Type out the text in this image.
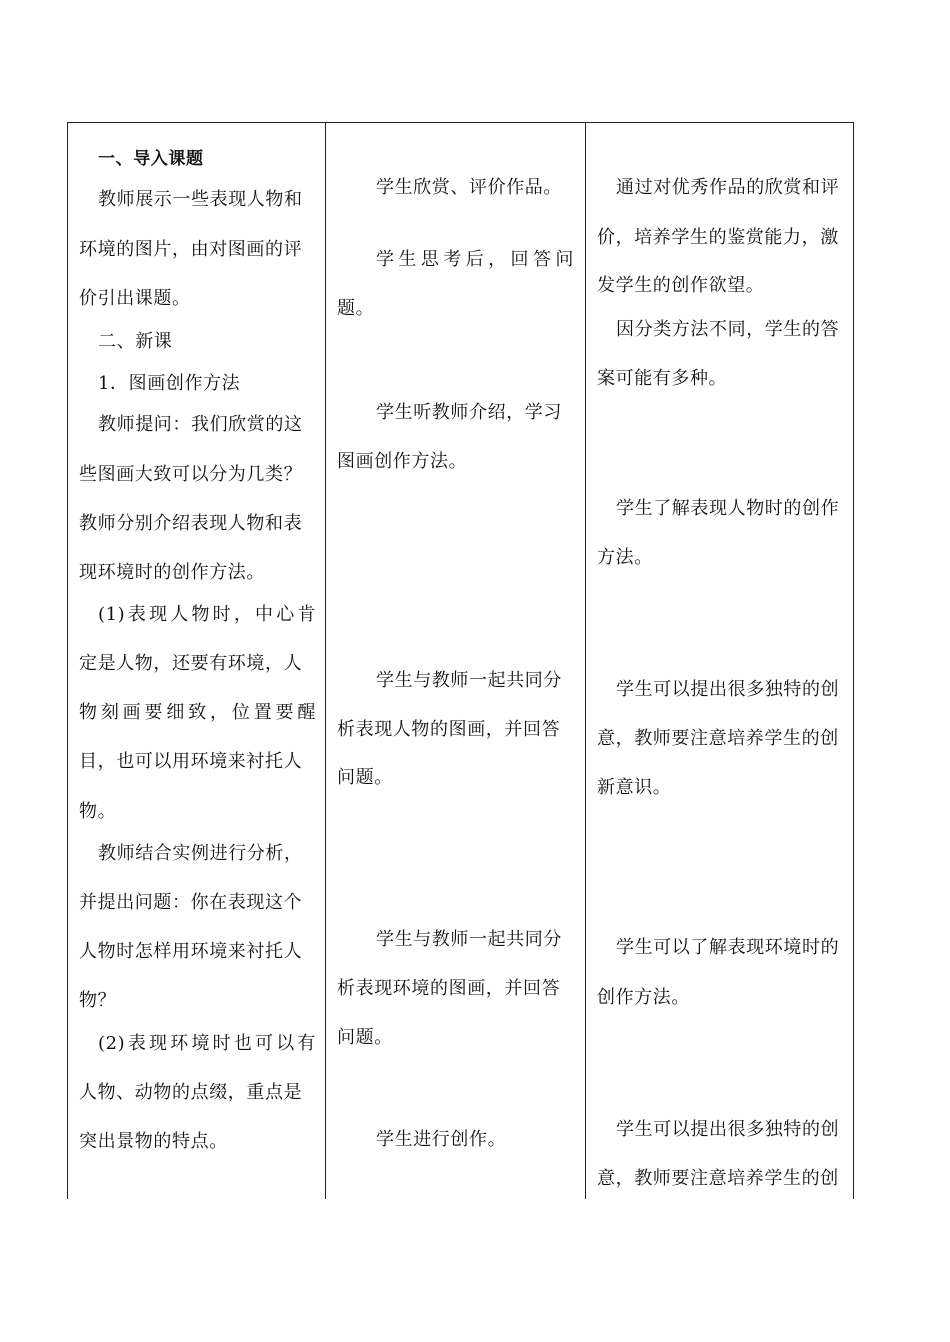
一、导入课题

教师展示一些表现人物和

环境的图片，由对图画的评

价引出课题。

二、新课

1．图画创作方法

教师提问：我们欣赏的这

些图画大致可以分为几类？

教师分别介绍表现人物和表

现环境时的创作方法。

(1)表现人物时，中心肯

定是人物，还要有环境，人

物刻画要细致，位置要醒

目，也可以用环境来衬托人

物。

教师结合实例进行分析，

并提出问题：你在表现这个

人物时怎样用环境来衬托人

物？

(2)表现环境时也可以有

人物、动物的点缀，重点是

突出景物的特点。

学生欣赏、评价作品。

学生思考后，回答问

题。

学生听教师介绍，学习

图画创作方法。

学生与教师一起共同分

析表现人物的图画，并回答

问题。

学生与教师一起共同分

析表现环境的图画，并回答

问题。

学生进行创作。

通过对优秀作品的欣赏和评

价，培养学生的鉴赏能力，激

发学生的创作欲望。

因分类方法不同，学生的答

案可能有多种。

学生了解表现人物时的创作

方法。

学生可以提出很多独特的创

意，教师要注意培养学生的创

新意识。

学生可以了解表现环境时的

创作方法。

学生可以提出很多独特的创

意，教师要注意培养学生的创
